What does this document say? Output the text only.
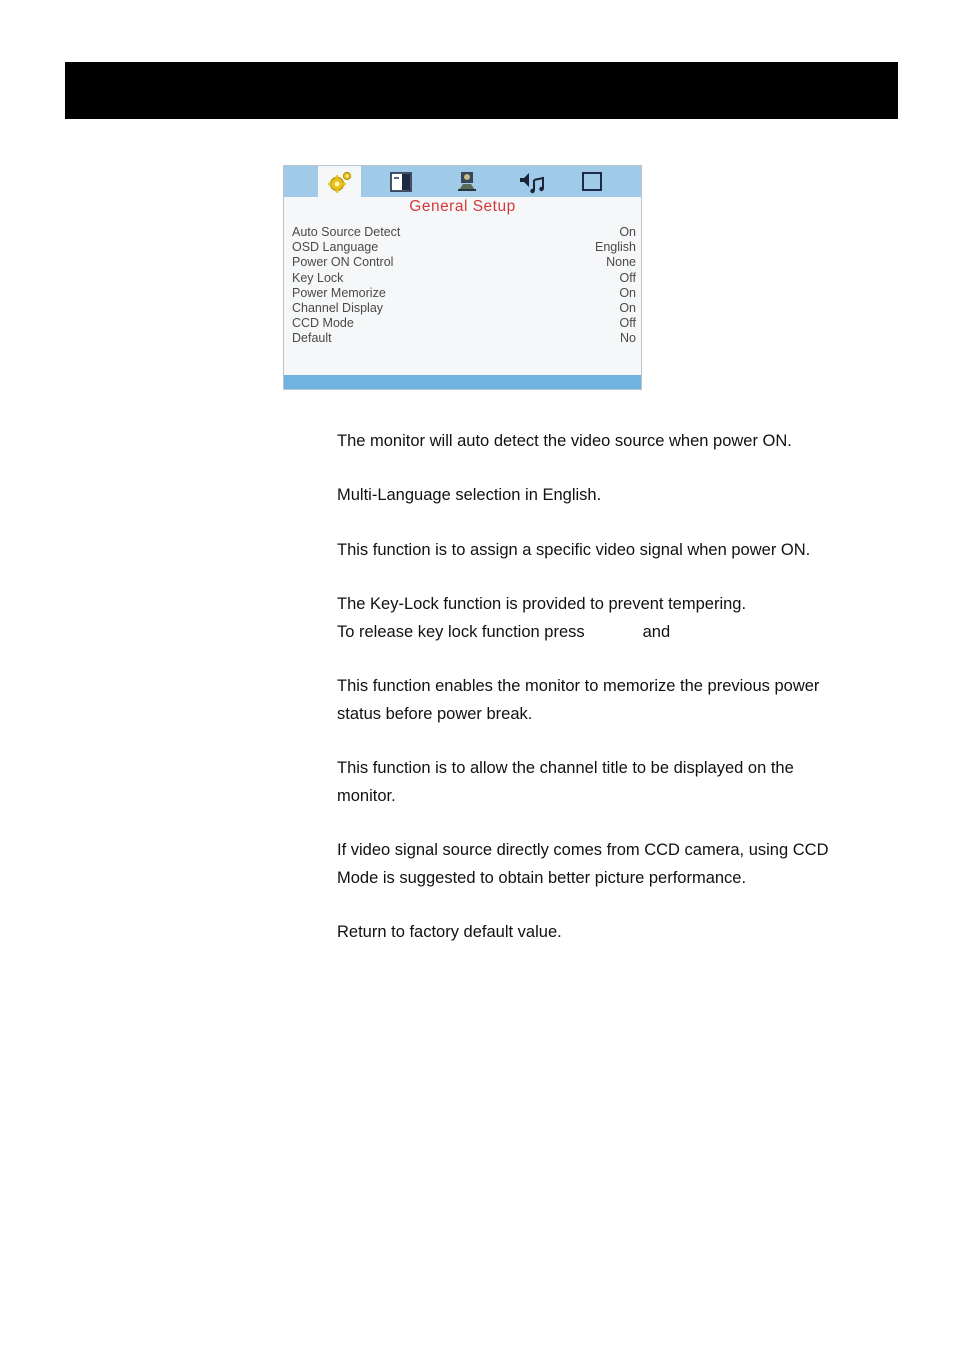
General Setup
Auto Source Detect	On
OSD Language	English
Power ON Control	None
Key Lock	Off
Power Memorize	On
Channel Display	On
CCD Mode	Off
Default	No

The monitor will auto detect the video source when power ON.

Multi-Language selection in English.

This function is to assign a specific video signal when power ON.

The Key-Lock function is provided to prevent tempering.

To release key lock function press	and

This function enables the monitor to memorize the previous power

status before power break.

This function is to allow the channel title to be displayed on the

monitor.

If video signal source directly comes from CCD camera, using CCD

Mode is suggested to obtain better picture performance.

Return to factory default value.
